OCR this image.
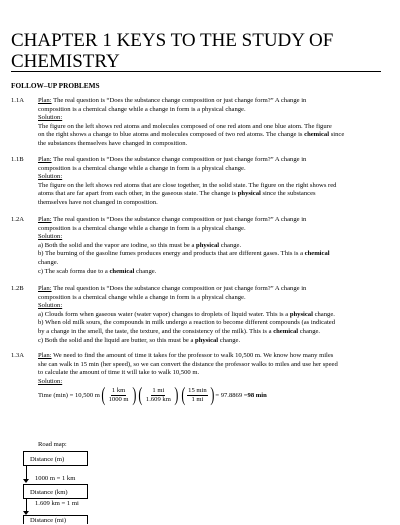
CHAPTER 1 KEYS TO THE STUDY OF CHEMISTRY
FOLLOW–UP PROBLEMS
1.1A	Plan: The real question is “Does the substance change composition or just change form?” A change in
composition is a chemical change while a change in form is a physical change.
Solution:
The figure on the left shows red atoms and molecules composed of one red atom and one blue atom. The figure
on the right shows a change to blue atoms and molecules composed of two red atoms. The change is chemical since
the substances themselves have changed in composition.
1.1B	Plan: The real question is “Does the substance change composition or just change form?” A change in
composition is a chemical change while a change in form is a physical change.
Solution:
The figure on the left shows red atoms that are close together, in the solid state. The figure on the right shows red
atoms that are far apart from each other, in the gaseous state. The change is physical since the substances
themselves have not changed in composition.
1.2A	Plan: The real question is “Does the substance change composition or just change form?” A change in
composition is a chemical change while a change in form is a physical change.
Solution:
a) Both the solid and the vapor are iodine, so this must be a physical change.
b) The burning of the gasoline fumes produces energy and products that are different gases. This is a chemical
change.
c) The scab forms due to a chemical change.
1.2B	Plan: The real question is “Does the substance change composition or just change form?” A change in
composition is a chemical change while a change in form is a physical change.
Solution:
a) Clouds form when gaseous water (water vapor) changes to droplets of liquid water. This is a physical change.
b) When old milk sours, the compounds in milk undergo a reaction to become different compounds (as indicated
by a change in the smell, the taste, the texture, and the consistency of the milk). This is a chemical change.
c) Both the solid and the liquid are butter, so this must be a physical change.
1.3A	Plan: We need to find the amount of time it takes for the professor to walk 10,500 m. We know how many miles
she can walk in 15 min (her speed), so we can convert the distance the professor walks to miles and use her speed
to calculate the amount of time it will take to walk 10,500 m.
Solution:
Time (min) = 10,500 m ( $\frac{1 km}{1000 m}$ ) ( $\frac{1 mi}{1.609 km}$ ) ( $\frac{15 \min}{1 mi}$ ) = 97.8869 = 98 min
Road map:
Distance (m)
1000 m = 1 km
Distance (km)
1.609 km = 1 mi
Distance (mi)
